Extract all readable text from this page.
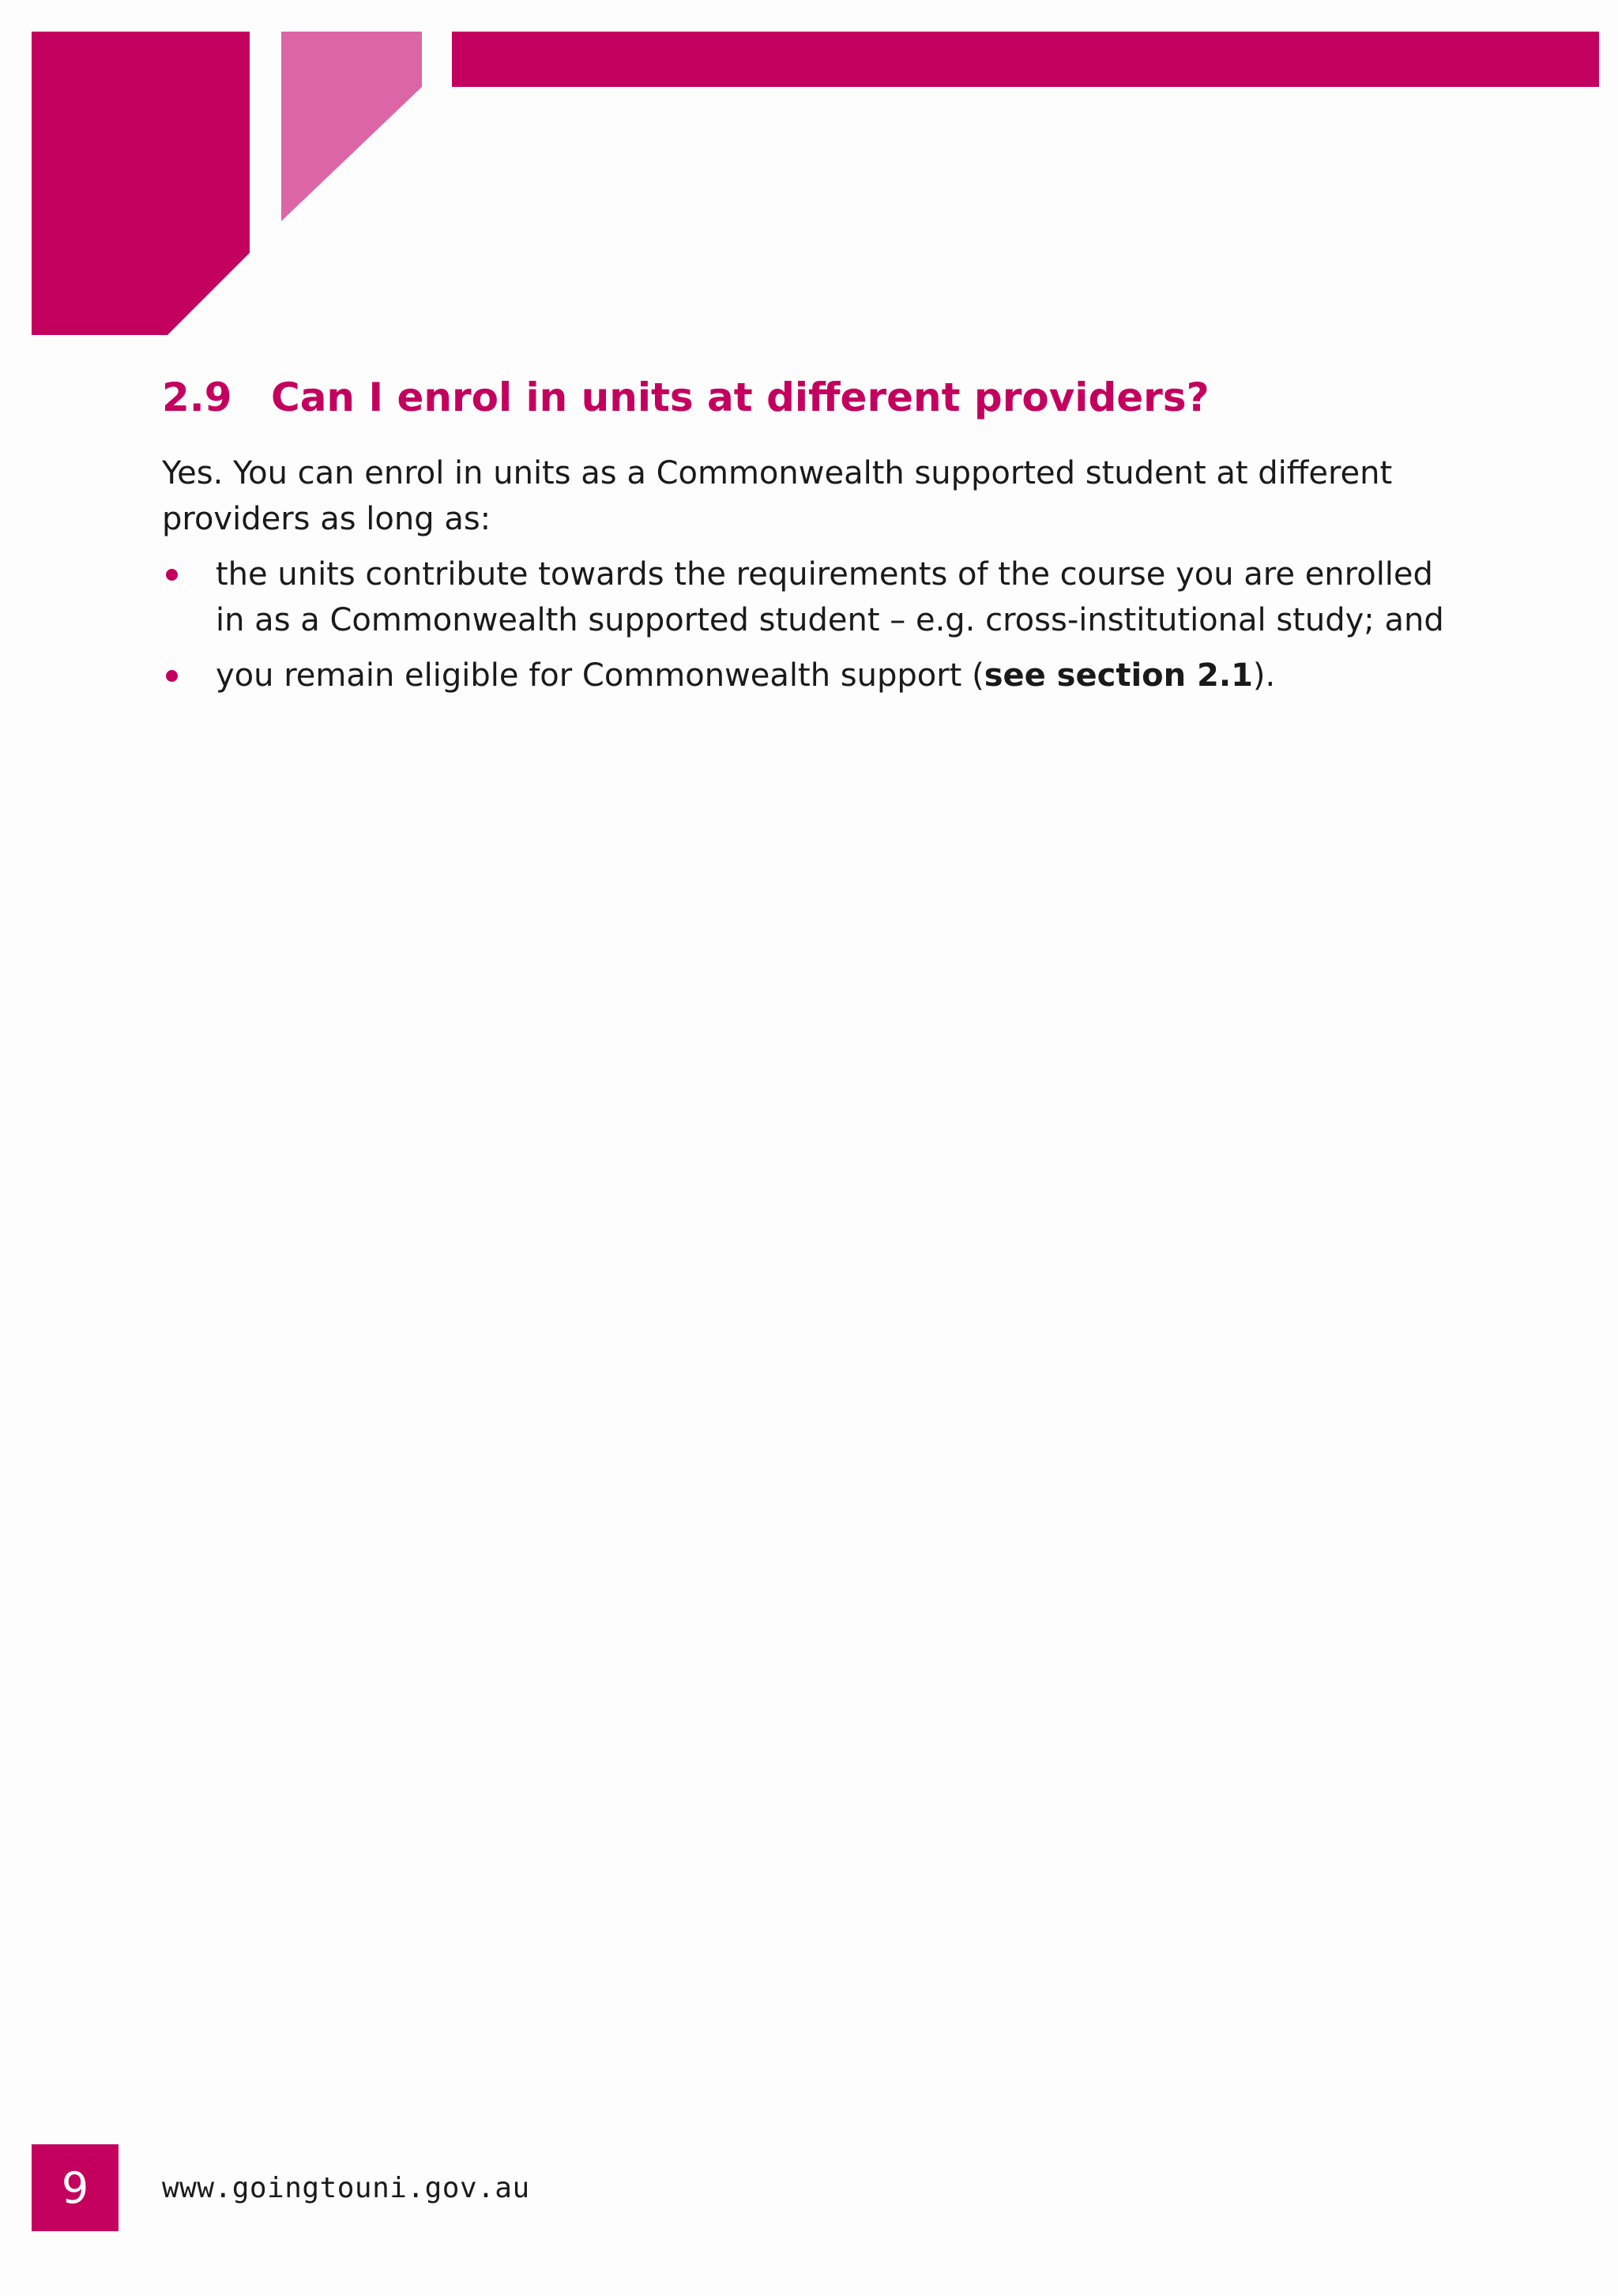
2.9 Can I enrol in units at different providers?

Yes. You can enrol in units as a Commonwealth supported student at different providers as long as:

the units contribute towards the requirements of the course you are enrolled in as a Commonwealth supported student – e.g. cross-institutional study; and
you remain eligible for Commonwealth support (see section 2.1).
9	www.goingtouni.gov.au
